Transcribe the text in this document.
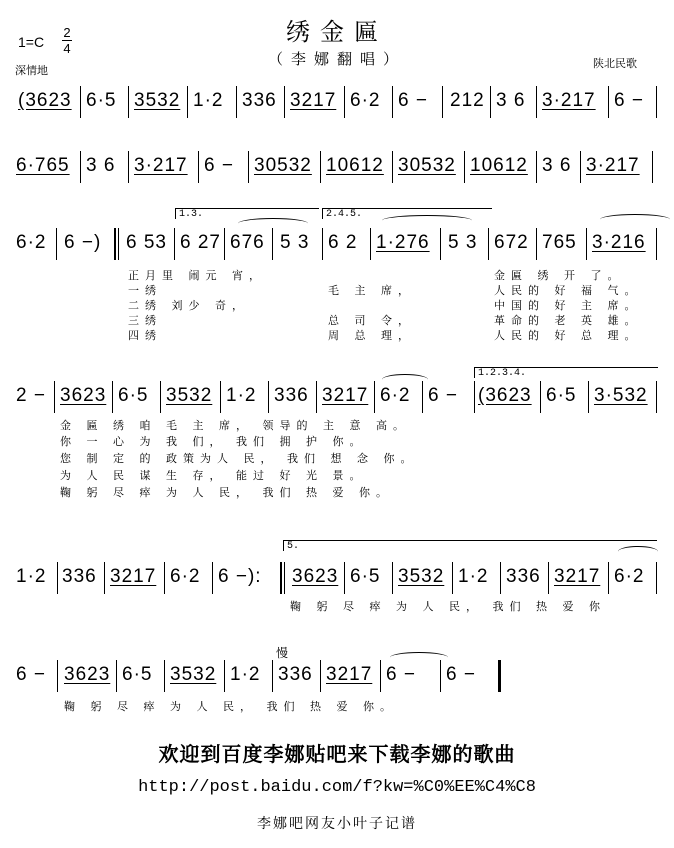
绣金匾
（李娜翻唱）
1=C
2
4
深情地
陕北民歌
(3623 6·5 3532 1·2 336 3217 6·2 6 − 212 3 6 3·217 6 −
6·765 3 6 3·217 6 − 30532 10612 30532 10612 3 6 3·217
1.3.	2.4.5.
6·2 6 −) 6 53 6 27 676 5 3 6 2 1·276 5 3 672 765 3·216
正月里 闹元 宵，
一绣
二绣 刘少 奇，
三绣
四绣
毛 主 席，
总 司 令，
周 总 理，
金匾 绣 开 了。
人民的 好 福 气。
中国的 好 主 席。
革命的 老 英 雄。
人民的 好 总 理。
1.2.3.4.
2 − 3623 6·5 3532 1·2 336 3217 6·2 6 − (3623 6·5 3·532
金 匾 绣 咱 毛 主 席， 领导的 主 意 高。
你 一 心 为 我 们， 我们 拥 护 你。
您 制 定 的 政策为人 民， 我们 想 念 你。
为 人 民 谋 生 存， 能过 好 光 景。
鞠 躬 尽 瘁 为 人 民， 我们 热 爱 你。
5.
1·2 336 3217 6·2 6 −): 3623 6·5 3532 1·2 336 3217 6·2
鞠 躬 尽 瘁 为 人 民， 我们 热 爱 你
慢
6 − 3623 6·5 3532 1·2 336 3217 6 − 6 −
鞠 躬 尽 瘁 为 人 民， 我们 热 爱 你。
欢迎到百度李娜贴吧来下载李娜的歌曲
http://post.baidu.com/f?kw=%C0%EE%C4%C8
李娜吧网友小叶子记谱
